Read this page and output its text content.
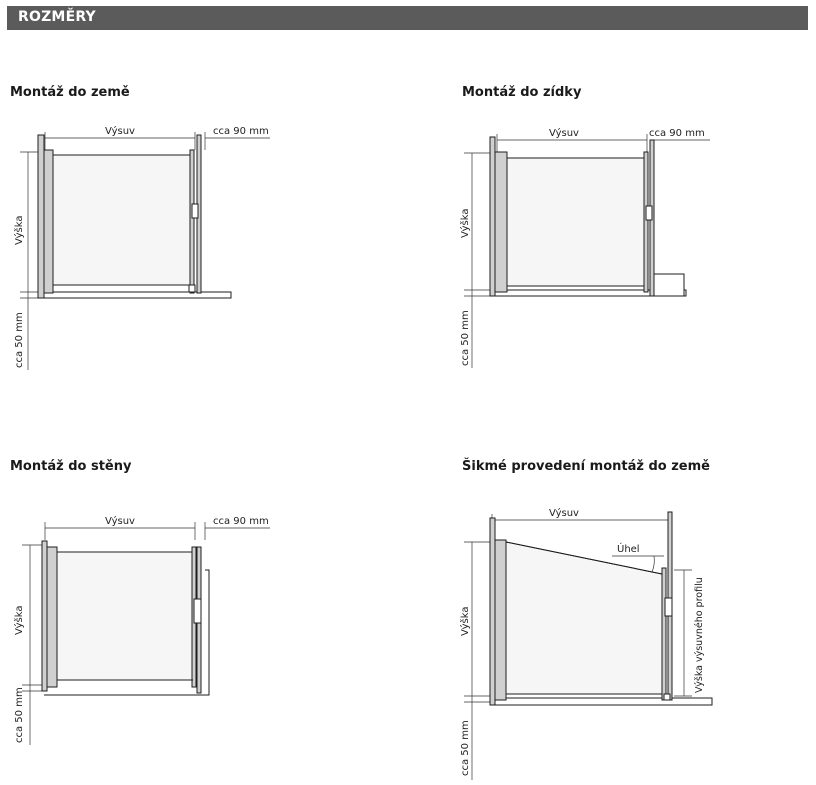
ROZMĚRY
Montáž do země
Výsuv	cca 90 mm
Výška
cca 50 mm
Montáž do zídky
Výsuv	cca 90 mm
Výška
cca 50 mm
Montáž do stěny
Výsuv	cca 90 mm
Výška
cca 50 mm
Šikmé provedení montáž do země
Výsuv
Výška
cca 50 mm
Úhel
Výška výsuvného profilu
